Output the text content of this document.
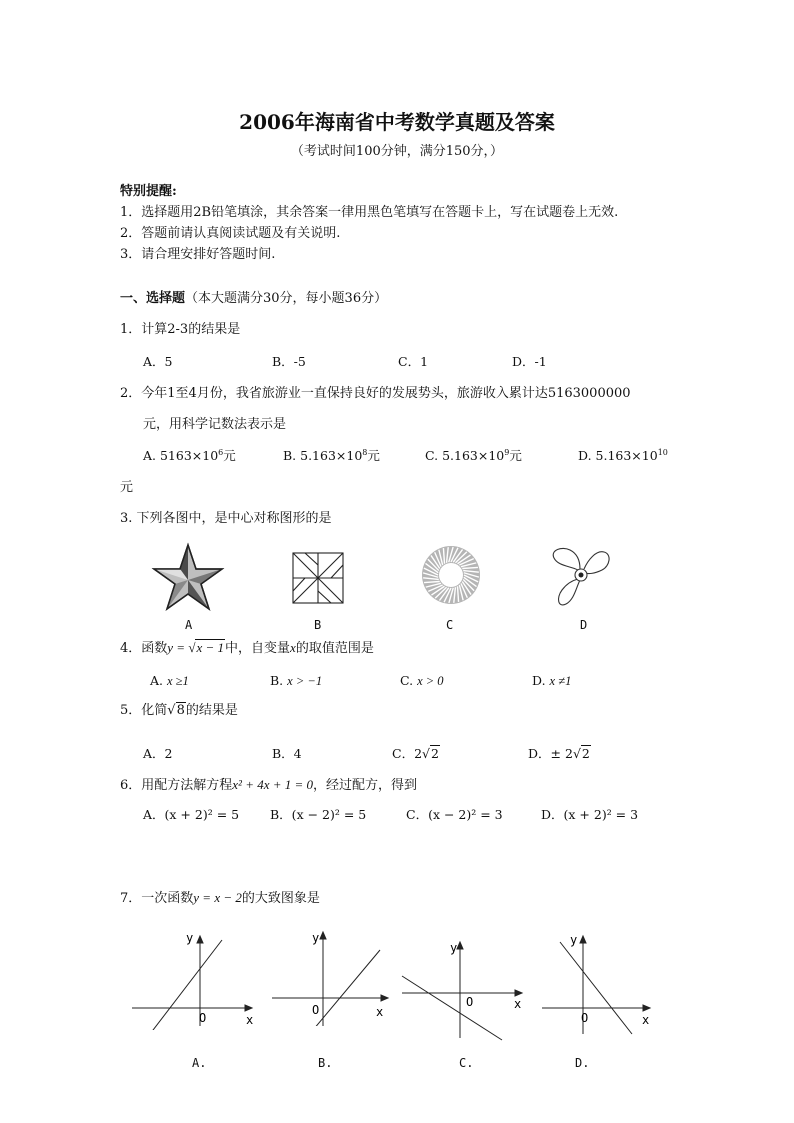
2006年海南省中考数学真题及答案
（考试时间100分钟，满分150分，）
特别提醒:
1．选择题用2B铅笔填涂，其余答案一律用黑色笔填写在答题卡上，写在试题卷上无效.
2．答题前请认真阅读试题及有关说明.
3．请合理安排好答题时间.
一、选择题（本大题满分30分，每小题36分）
1．计算2-3的结果是
A．5	B．-5	C．1	D．-1
2．今年1至4月份，我省旅游业一直保持良好的发展势头，旅游收入累计达5163000000
元，用科学记数法表示是
A. $5163\times 10^6$元	B. $5.163\times 10^8$元	C. $5.163\times 10^9$元	D. $5.163\times 10^{10}$
元
3. 下列各图中，是中心对称图形的是
A	B	C	D
4．函数y = √x − 1中，自变量x的取值范围是
A. x ≥1	B. x > −1	C. x > 0	D. x ≠1
5．化简√8的结果是
A．2	B．4	C．2√2	D．± 2√2
6．用配方法解方程x² + 4x + 1 = 0，经过配方，得到
A．(x + 2)² = 5 B．(x − 2)² = 5	C．(x − 2)² = 3	D．(x + 2)² = 3
7．一次函数y = x − 2的大致图象是
y
x
O
y
x
O
y
x
O
y
x
O
A.	B.	C.	D.
